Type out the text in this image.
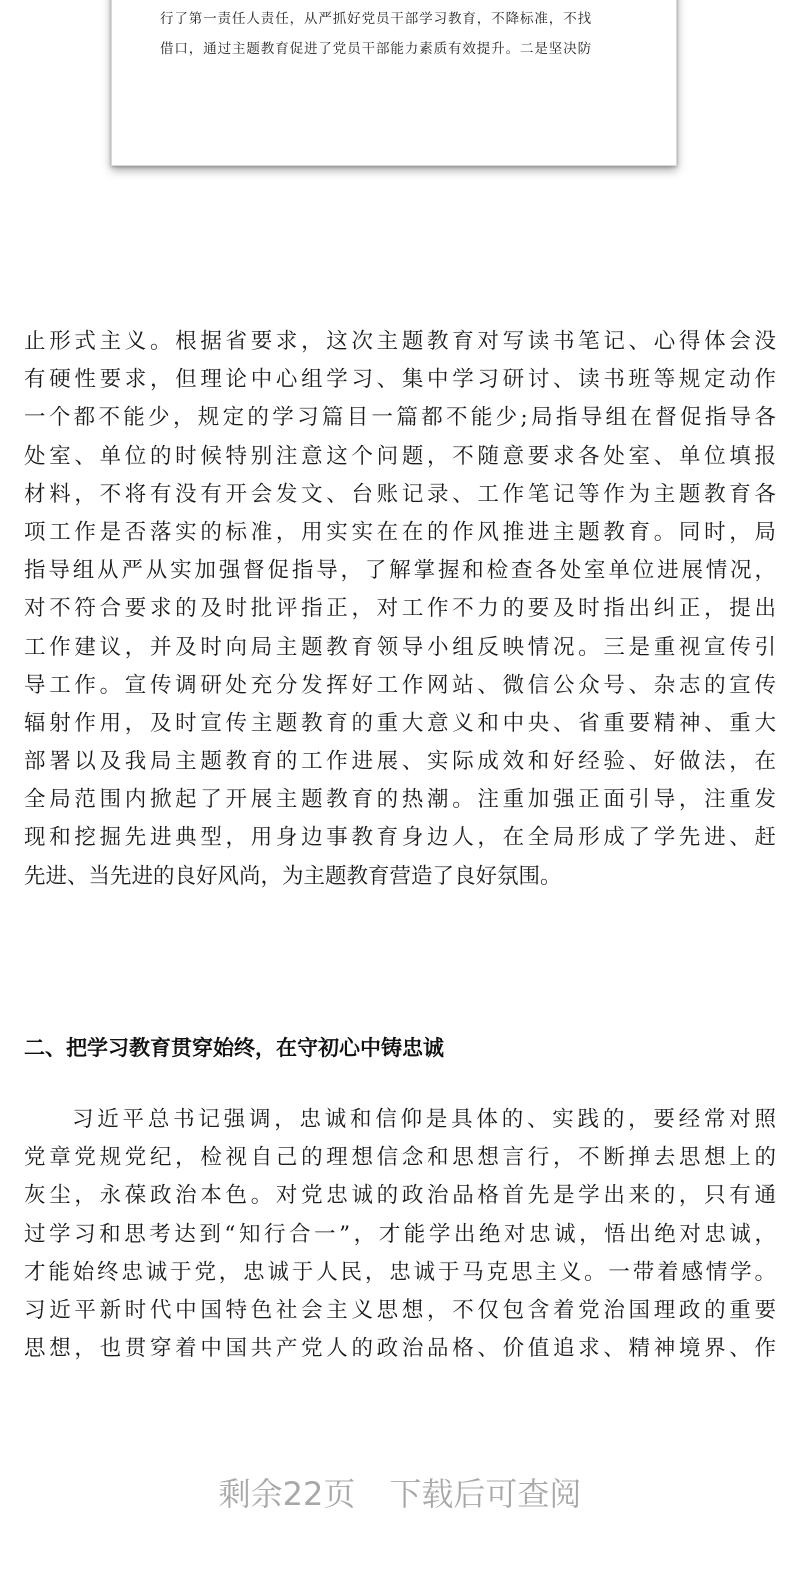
行了第一责任人责任，从严抓好党员干部学习教育，不降标准，不找
借口，通过主题教育促进了党员干部能力素质有效提升。二是坚决防
止形式主义。根据省要求，这次主题教育对写读书笔记、心得体会没
有硬性要求，但理论中心组学习、集中学习研讨、读书班等规定动作
一个都不能少，规定的学习篇目一篇都不能少;局指导组在督促指导各
处室、单位的时候特别注意这个问题，不随意要求各处室、单位填报
材料，不将有没有开会发文、台账记录、工作笔记等作为主题教育各
项工作是否落实的标准，用实实在在的作风推进主题教育。同时，局
指导组从严从实加强督促指导，了解掌握和检查各处室单位进展情况，
对不符合要求的及时批评指正，对工作不力的要及时指出纠正，提出
工作建议，并及时向局主题教育领导小组反映情况。三是重视宣传引
导工作。宣传调研处充分发挥好工作网站、微信公众号、杂志的宣传
辐射作用，及时宣传主题教育的重大意义和中央、省重要精神、重大
部署以及我局主题教育的工作进展、实际成效和好经验、好做法，在
全局范围内掀起了开展主题教育的热潮。注重加强正面引导，注重发
现和挖掘先进典型，用身边事教育身边人，在全局形成了学先进、赶
先进、当先进的良好风尚，为主题教育营造了良好氛围。
二、把学习教育贯穿始终，在守初心中铸忠诚
习近平总书记强调，忠诚和信仰是具体的、实践的，要经常对照
党章党规党纪，检视自己的理想信念和思想言行，不断掸去思想上的
灰尘，永葆政治本色。对党忠诚的政治品格首先是学出来的，只有通
过学习和思考达到“知行合一”，才能学出绝对忠诚，悟出绝对忠诚，
才能始终忠诚于党，忠诚于人民，忠诚于马克思主义。一带着感情学。
习近平新时代中国特色社会主义思想，不仅包含着党治国理政的重要
思想，也贯穿着中国共产党人的政治品格、价值追求、精神境界、作
剩余22页 下载后可查阅
